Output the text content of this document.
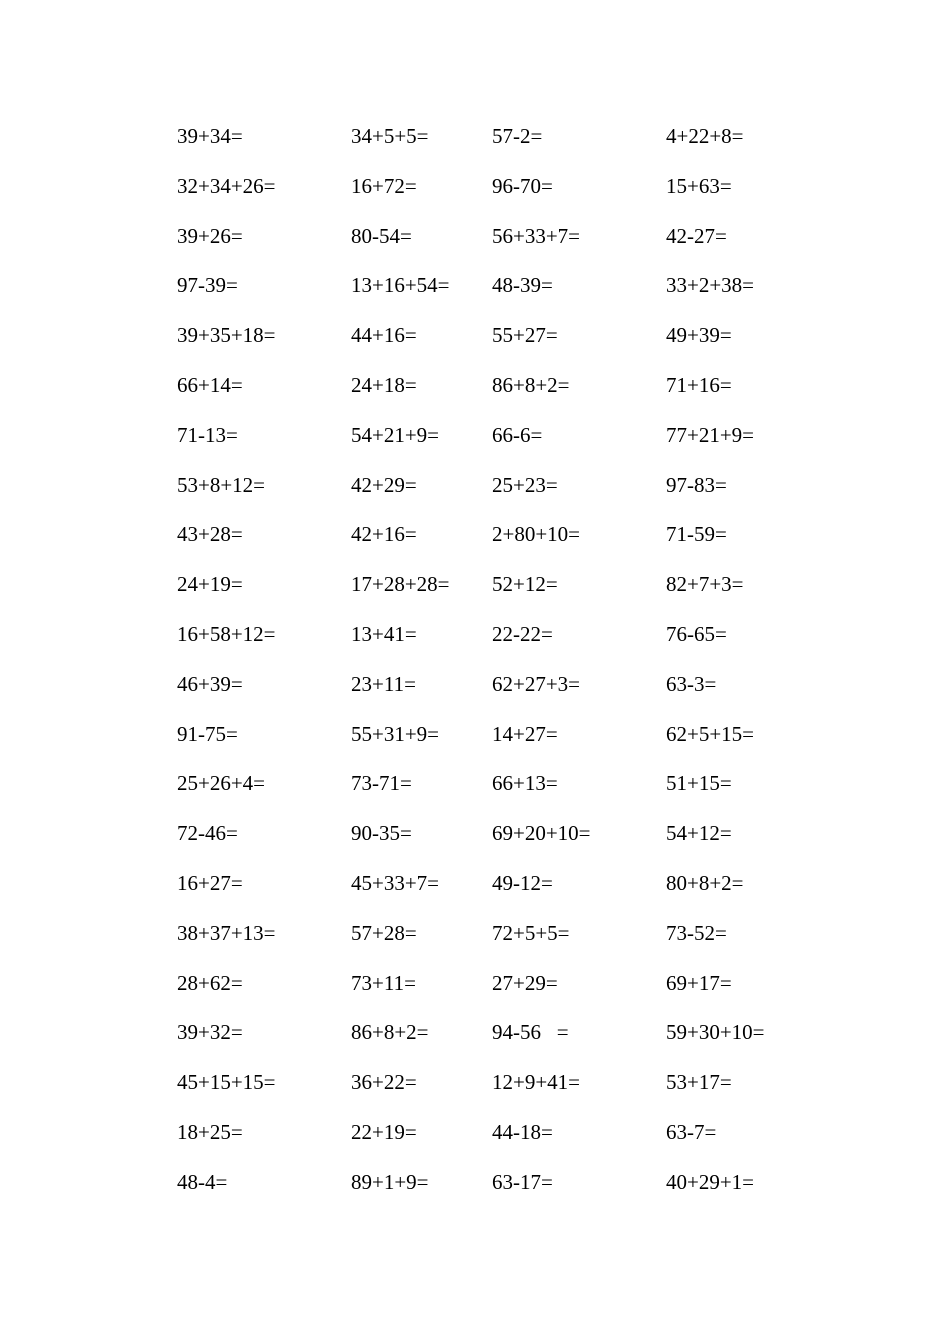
39+34=	34+5+5=	57-2=	4+22+8=
32+34+26=	16+72=	96-70=	15+63=
39+26=	80-54=	56+33+7=	42-27=
97-39=	13+16+54= 48-39=	33+2+38=
39+35+18=	44+16=	55+27=	49+39=
66+14=	24+18=	86+8+2=	71+16=
71-13=	54+21+9=	66-6=	77+21+9=
53+8+12=	42+29=	25+23=	97-83=
43+28=	42+16=	2+80+10=	71-59=
24+19=	17+28+28= 52+12=	82+7+3=
16+58+12=	13+41=	22-22=	76-65=
46+39=	23+11=	62+27+3=	63-3=
91-75=	55+31+9=	14+27=	62+5+15=
25+26+4=	73-71=	66+13=	51+15=
72-46=	90-35=	69+20+10=	54+12=
16+27=	45+33+7=	49-12=	80+8+2=
38+37+13=	57+28=	72+5+5=	73-52=
28+62=	73+11=	27+29=	69+17=
39+32=	86+8+2=	94-56   =	59+30+10=
45+15+15=	36+22=	12+9+41=	53+17=
18+25=	22+19=	44-18=	63-7=
48-4=	89+1+9=	63-17=	40+29+1=
